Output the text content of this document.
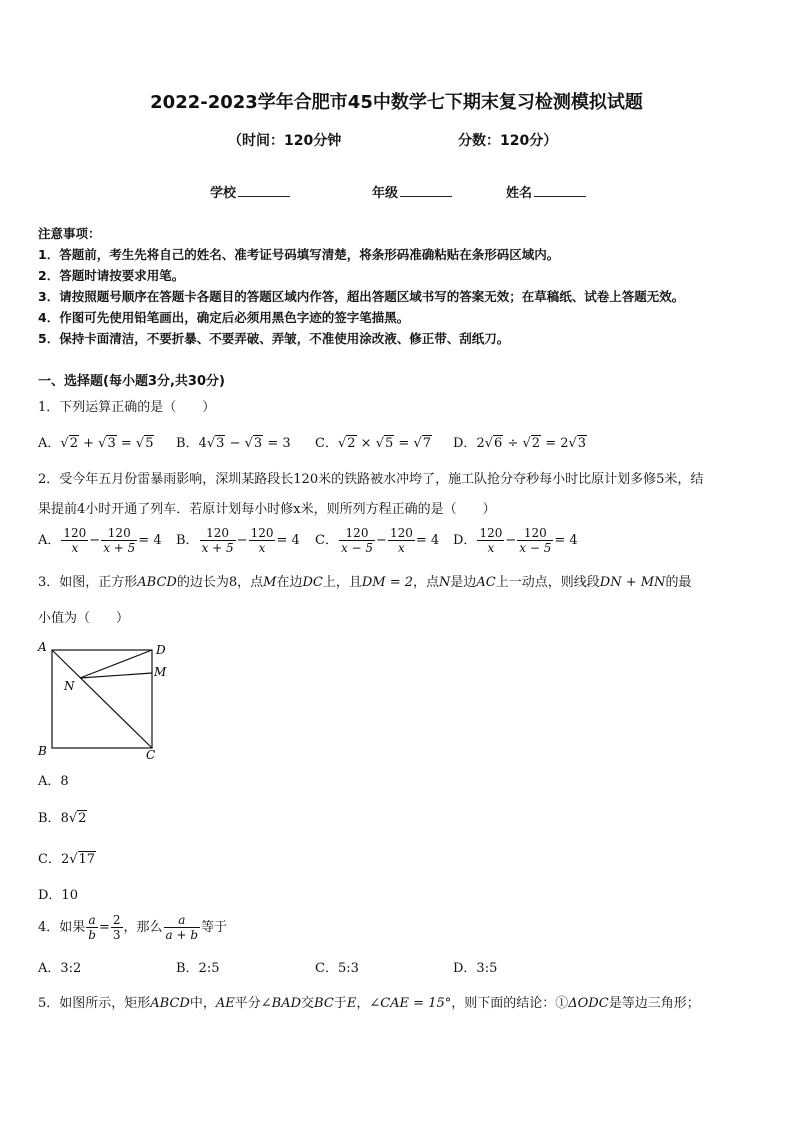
2022-2023学年合肥市45中数学七下期末复习检测模拟试题
（时间：120分钟	分数：120分）
学校	年级	姓名
注意事项：
1．答题前，考生先将自己的姓名、准考证号码填写清楚，将条形码准确粘贴在条形码区域内。
2．答题时请按要求用笔。
3．请按照题号顺序在答题卡各题目的答题区域内作答，超出答题区域书写的答案无效；在草稿纸、试卷上答题无效。
4．作图可先使用铅笔画出，确定后必须用黑色字迹的签字笔描黑。
5．保持卡面清洁，不要折暴、不要弄破、弄皱，不准使用涂改液、修正带、刮纸刀。
一、选择题(每小题3分,共30分)
1．下列运算正确的是（　　）
A．√2 + √3 = √5 B．4√3 − √3 = 3 C．√2 × √5 = √7 D．2√6 ÷ √2 = 2√3
2．受今年五月份雷暴雨影响，深圳某路段长120米的铁路被水冲垮了，施工队抢分夺秒每小时比原计划多修5米，结
果提前4小时开通了列车．若原计划每小时修x米，则所列方程正确的是（　　）
A． $\frac{120}{x} - \frac{120}{x + 5} = 4$ B． $\frac{120}{x + 5} - \frac{120}{x} = 4$ C． $\frac{120}{x - 5} - \frac{120}{x} = 4$ D． $\frac{120}{x} - \frac{120}{x - 5} = 4$
3．如图，正方形ABCD的边长为8，点M在边DC上，且DM = 2，点N是边AC上一动点，则线段DN + MN的最
小值为（　　）
A	D
M
N
B	C
A．8
B．8√2
C．2√17
D．10
4．如果 $\frac{a}{b} = \frac{2}{3}$ ，那么 $\frac{a}{a + b}$ 等于
A．3:2	B．2:5	C．5:3	D．3:5
5．如图所示，矩形ABCD中，AE平分∠BAD交BC于E，∠CAE = 15°，则下面的结论：①ΔODC是等边三角形；
